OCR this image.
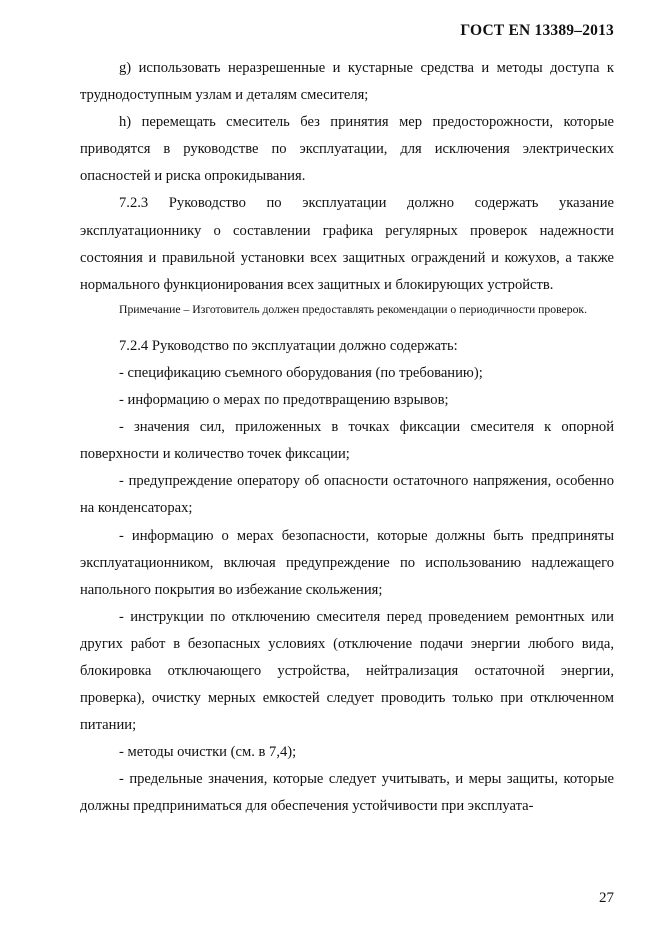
ГОСТ EN 13389–2013

g) использовать неразрешенные и кустарные средства и методы доступа к труднодоступным узлам и деталям смесителя;

h) перемещать смеситель без принятия мер предосторожности, которые приводятся в руководстве по эксплуатации, для исключения электрических опасностей и риска опрокидывания.

7.2.3 Руководство по эксплуатации должно содержать указание эксплуатационнику о составлении графика регулярных проверок надежности состояния и правильной установки всех защитных ограждений и кожухов, а также нормального функционирования всех защитных и блокирующих устройств.

Примечание – Изготовитель должен предоставлять рекомендации о периодичности проверок.

7.2.4 Руководство по эксплуатации должно содержать:

- спецификацию съемного оборудования (по требованию);

- информацию о мерах по предотвращению взрывов;

- значения сил, приложенных в точках фиксации смесителя к опорной поверхности и количество точек фиксации;

- предупреждение оператору об опасности остаточного напряжения, особенно на конденсаторах;

- информацию о мерах безопасности, которые должны быть предприняты эксплуатационником, включая предупреждение по использованию надлежащего напольного покрытия во избежание скольжения;

- инструкции по отключению смесителя перед проведением ремонтных или других работ в безопасных условиях (отключение подачи энергии любого вида, блокировка отключающего устройства, нейтрализация остаточной энергии, проверка), очистку мерных емкостей следует проводить только при отключенном питании;

- методы очистки (см. в 7,4);

- предельные значения, которые следует учитывать, и меры защиты, которые должны предприниматься для обеспечения устойчивости при эксплуата-

27
